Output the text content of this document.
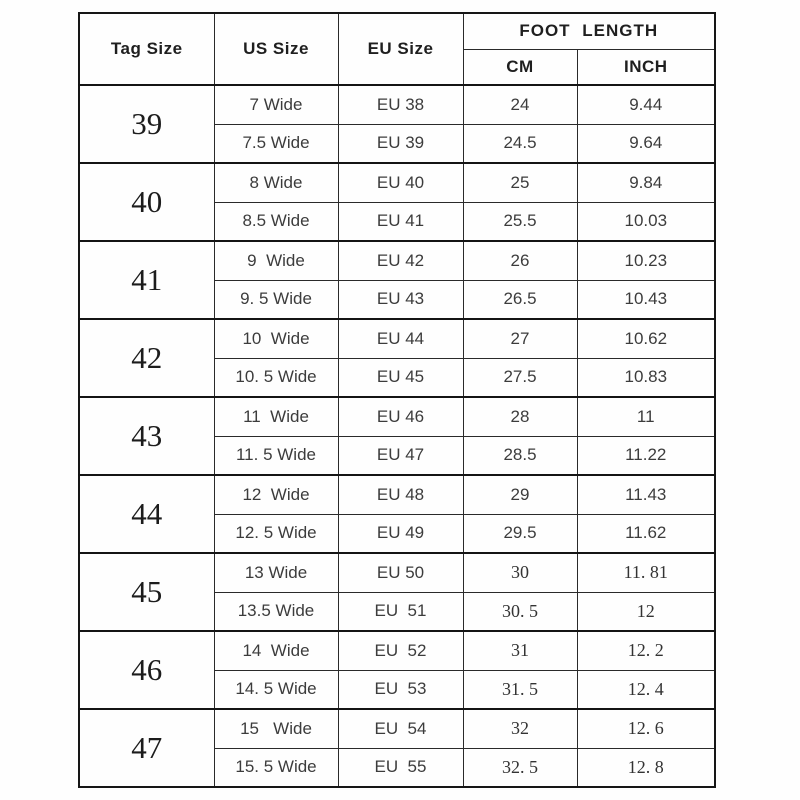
Tag Size	US Size	EU Size	FOOT LENGTH	
			CM	INCH
39	7 Wide	EU 38	24	9.44
	7.5 Wide	EU 39	24.5	9.64
40	8 Wide	EU 40	25	9.84
	8.5 Wide	EU 41	25.5	10.03
41	9  Wide	EU 42	26	10.23
	9. 5 Wide	EU 43	26.5	10.43
42	10  Wide	EU 44	27	10.62
	10. 5 Wide	EU 45	27.5	10.83
43	11  Wide	EU 46	28	11
	11. 5 Wide	EU 47	28.5	11.22
44	12  Wide	EU 48	29	11.43
	12. 5 Wide	EU 49	29.5	11.62
45	13 Wide	EU 50	30	11. 81
	13.5 Wide	EU  51	30. 5	12
46	14  Wide	EU  52	31	12. 2
	14. 5 Wide	EU  53	31. 5	12. 4
47	15   Wide	EU  54	32	12. 6
	15. 5 Wide	EU  55	32. 5	12. 8
